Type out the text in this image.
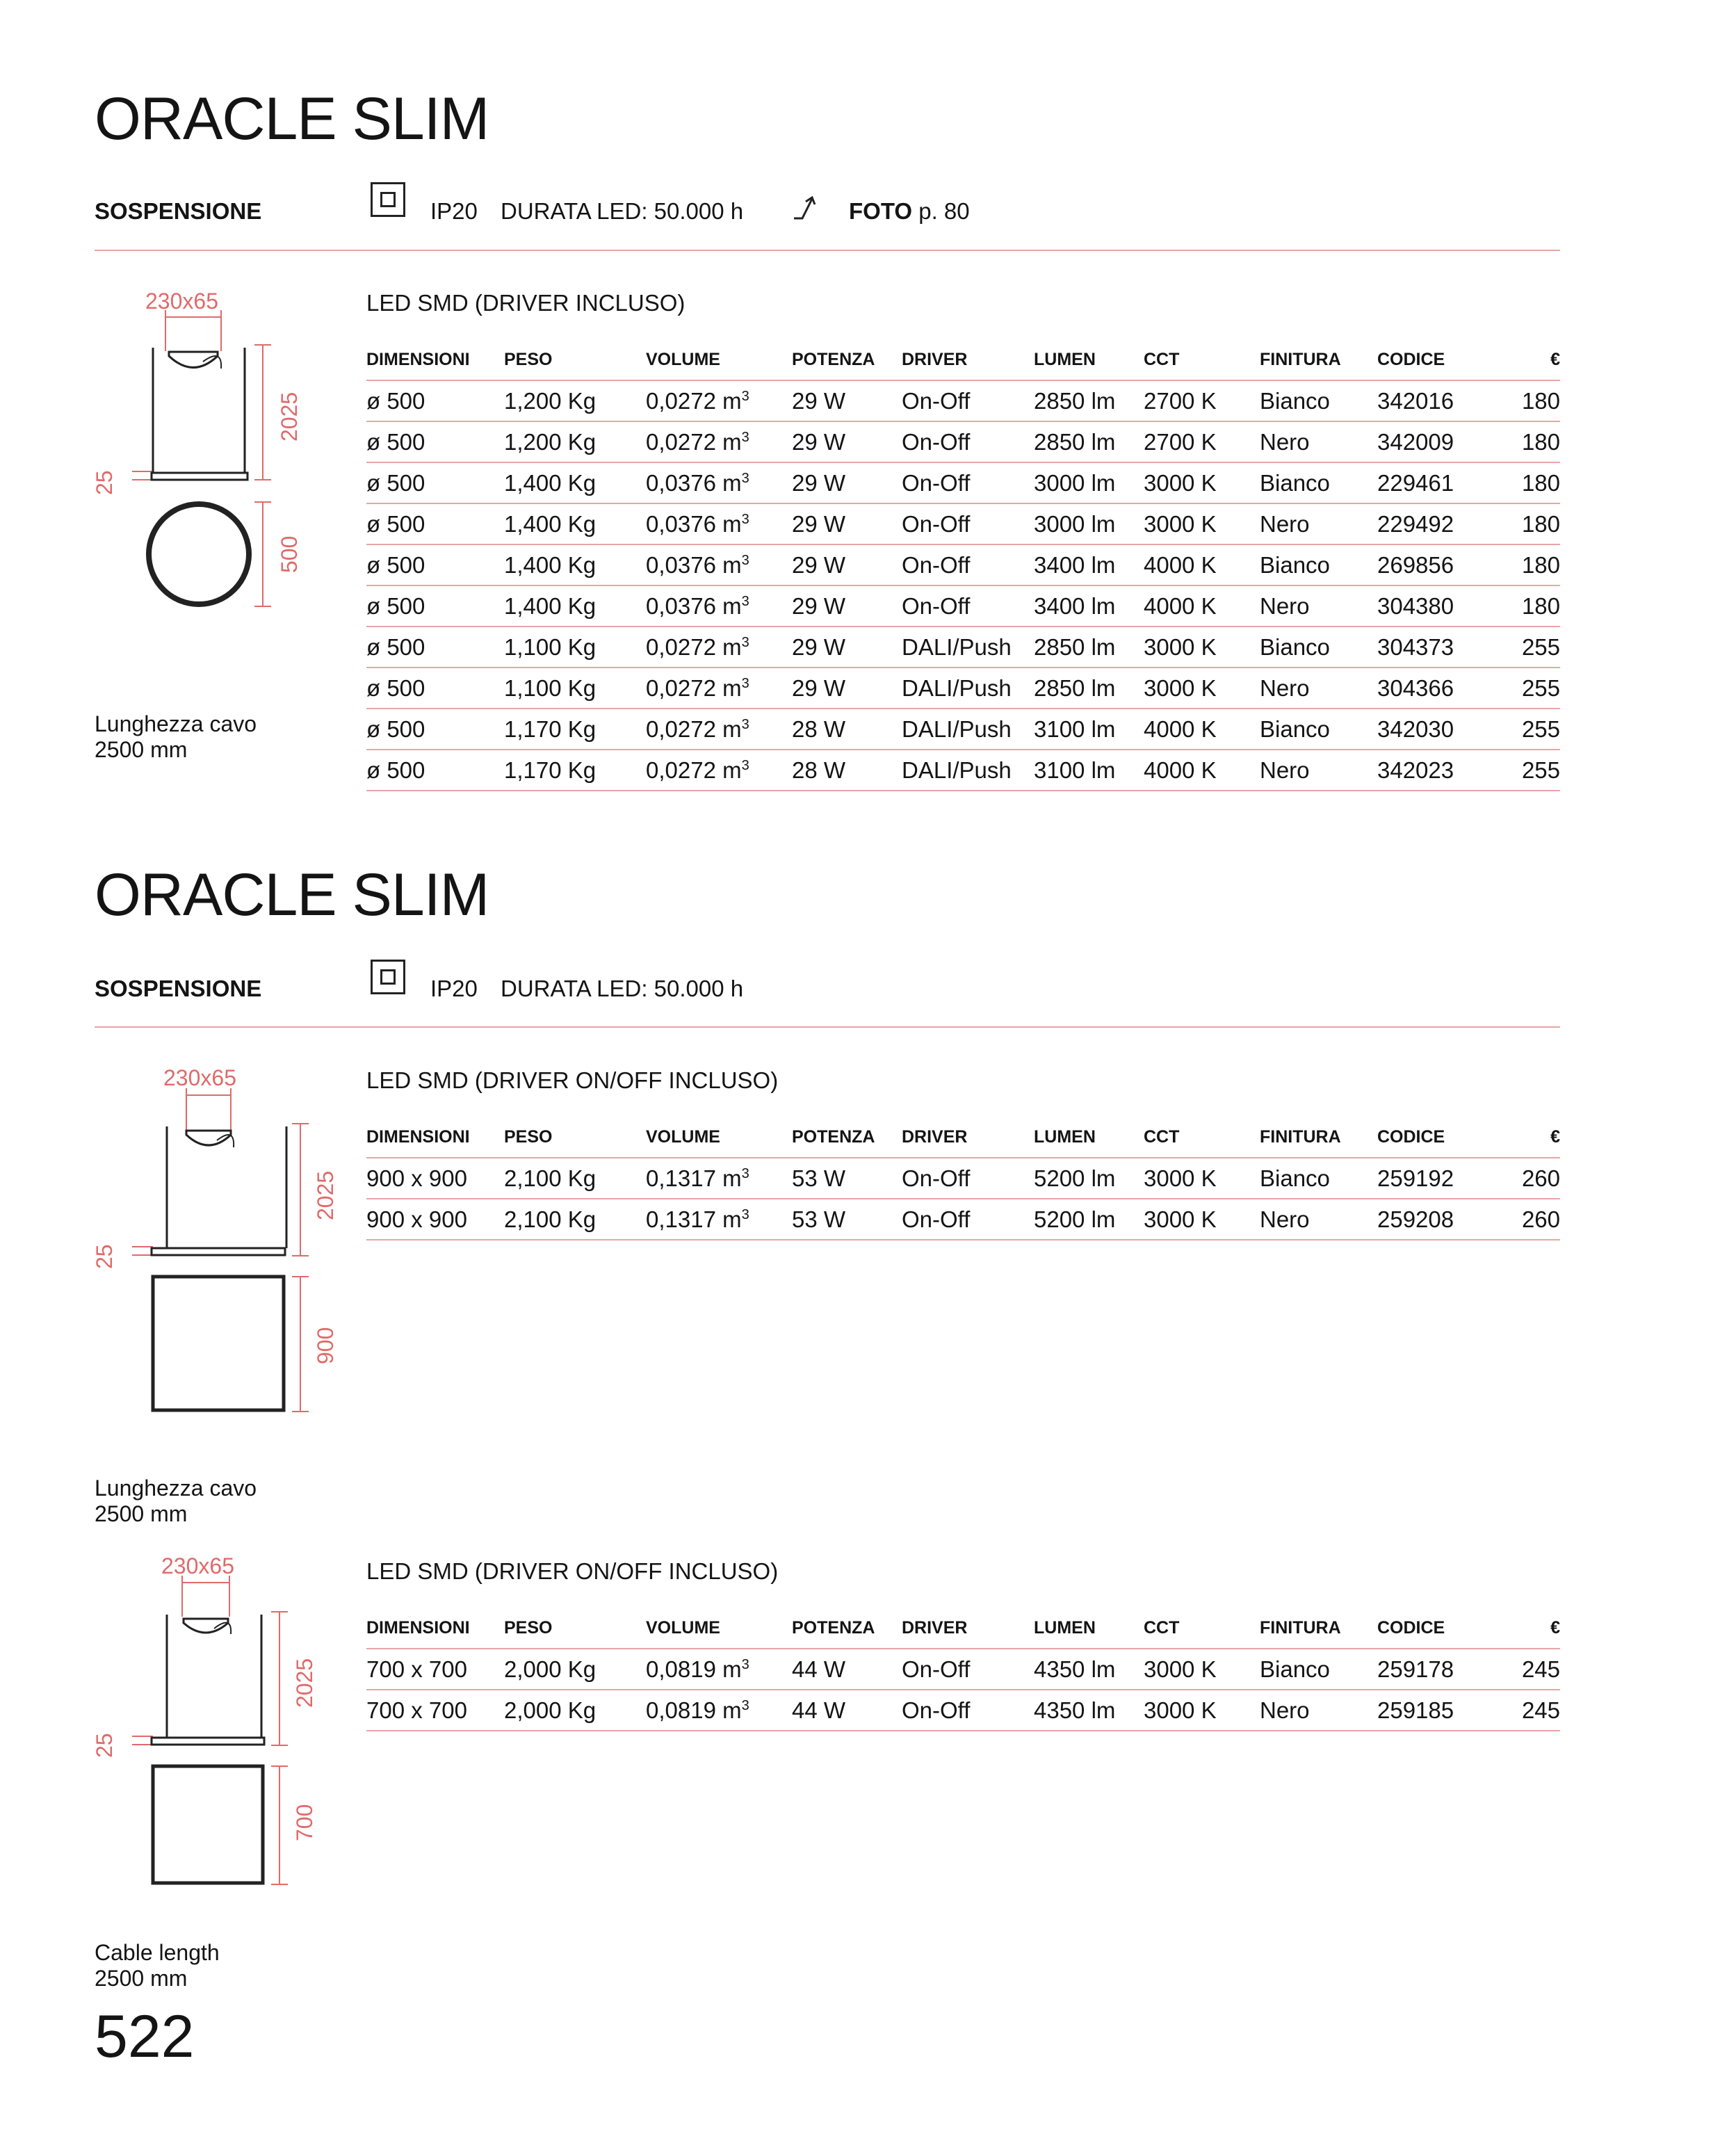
ORACLE SLIM
SOSPENSIONE	IP20 DURATA LED: 50.000 h	FOTO p. 80
230x65
2025
25
500
Lunghezza cavo
2500 mm
LED SMD (DRIVER INCLUSO)
DIMENSIONI	PESO	VOLUME	POTENZA	DRIVER	LUMEN	CCT	FINITURA	CODICE	€
ø 500	1,200 Kg	0,0272 $m^3$	29 W	On-Off	2850 lm	2700 K	Bianco	342016	180
ø 500	1,200 Kg	0,0272 $m^3$	29 W	On-Off	2850 lm	2700 K	Nero	342009	180
ø 500	1,400 Kg	0,0376 $m^3$	29 W	On-Off	3000 lm	3000 K	Bianco	229461	180
ø 500	1,400 Kg	0,0376 $m^3$	29 W	On-Off	3000 lm	3000 K	Nero	229492	180
ø 500	1,400 Kg	0,0376 $m^3$	29 W	On-Off	3400 lm	4000 K	Bianco	269856	180
ø 500	1,400 Kg	0,0376 $m^3$	29 W	On-Off	3400 lm	4000 K	Nero	304380	180
ø 500	1,100 Kg	0,0272 $m^3$	29 W	DALI/Push	2850 lm	3000 K	Bianco	304373	255
ø 500	1,100 Kg	0,0272 $m^3$	29 W	DALI/Push	2850 lm	3000 K	Nero	304366	255
ø 500	1,170 Kg	0,0272 $m^3$	28 W	DALI/Push	3100 lm	4000 K	Bianco	342030	255
ø 500	1,170 Kg	0,0272 $m^3$	28 W	DALI/Push	3100 lm	4000 K	Nero	342023	255
ORACLE SLIM
SOSPENSIONE	IP20 DURATA LED: 50.000 h
230x65
2025
25
900
Lunghezza cavo
2500 mm
LED SMD (DRIVER ON/OFF INCLUSO)
DIMENSIONI	PESO	VOLUME	POTENZA	DRIVER	LUMEN	CCT	FINITURA	CODICE	€
900 x 900	2,100 Kg	0,1317 $m^3$	53 W	On-Off	5200 lm	3000 K	Bianco	259192	260
900 x 900	2,100 Kg	0,1317 $m^3$	53 W	On-Off	5200 lm	3000 K	Nero	259208	260
230x65
2025
25
700
Cable length
2500 mm
LED SMD (DRIVER ON/OFF INCLUSO)
DIMENSIONI	PESO	VOLUME	POTENZA	DRIVER	LUMEN	CCT	FINITURA	CODICE	€
700 x 700	2,000 Kg	0,0819 $m^3$	44 W	On-Off	4350 lm	3000 K	Bianco	259178	245
700 x 700	2,000 Kg	0,0819 $m^3$	44 W	On-Off	4350 lm	3000 K	Nero	259185	245
522
